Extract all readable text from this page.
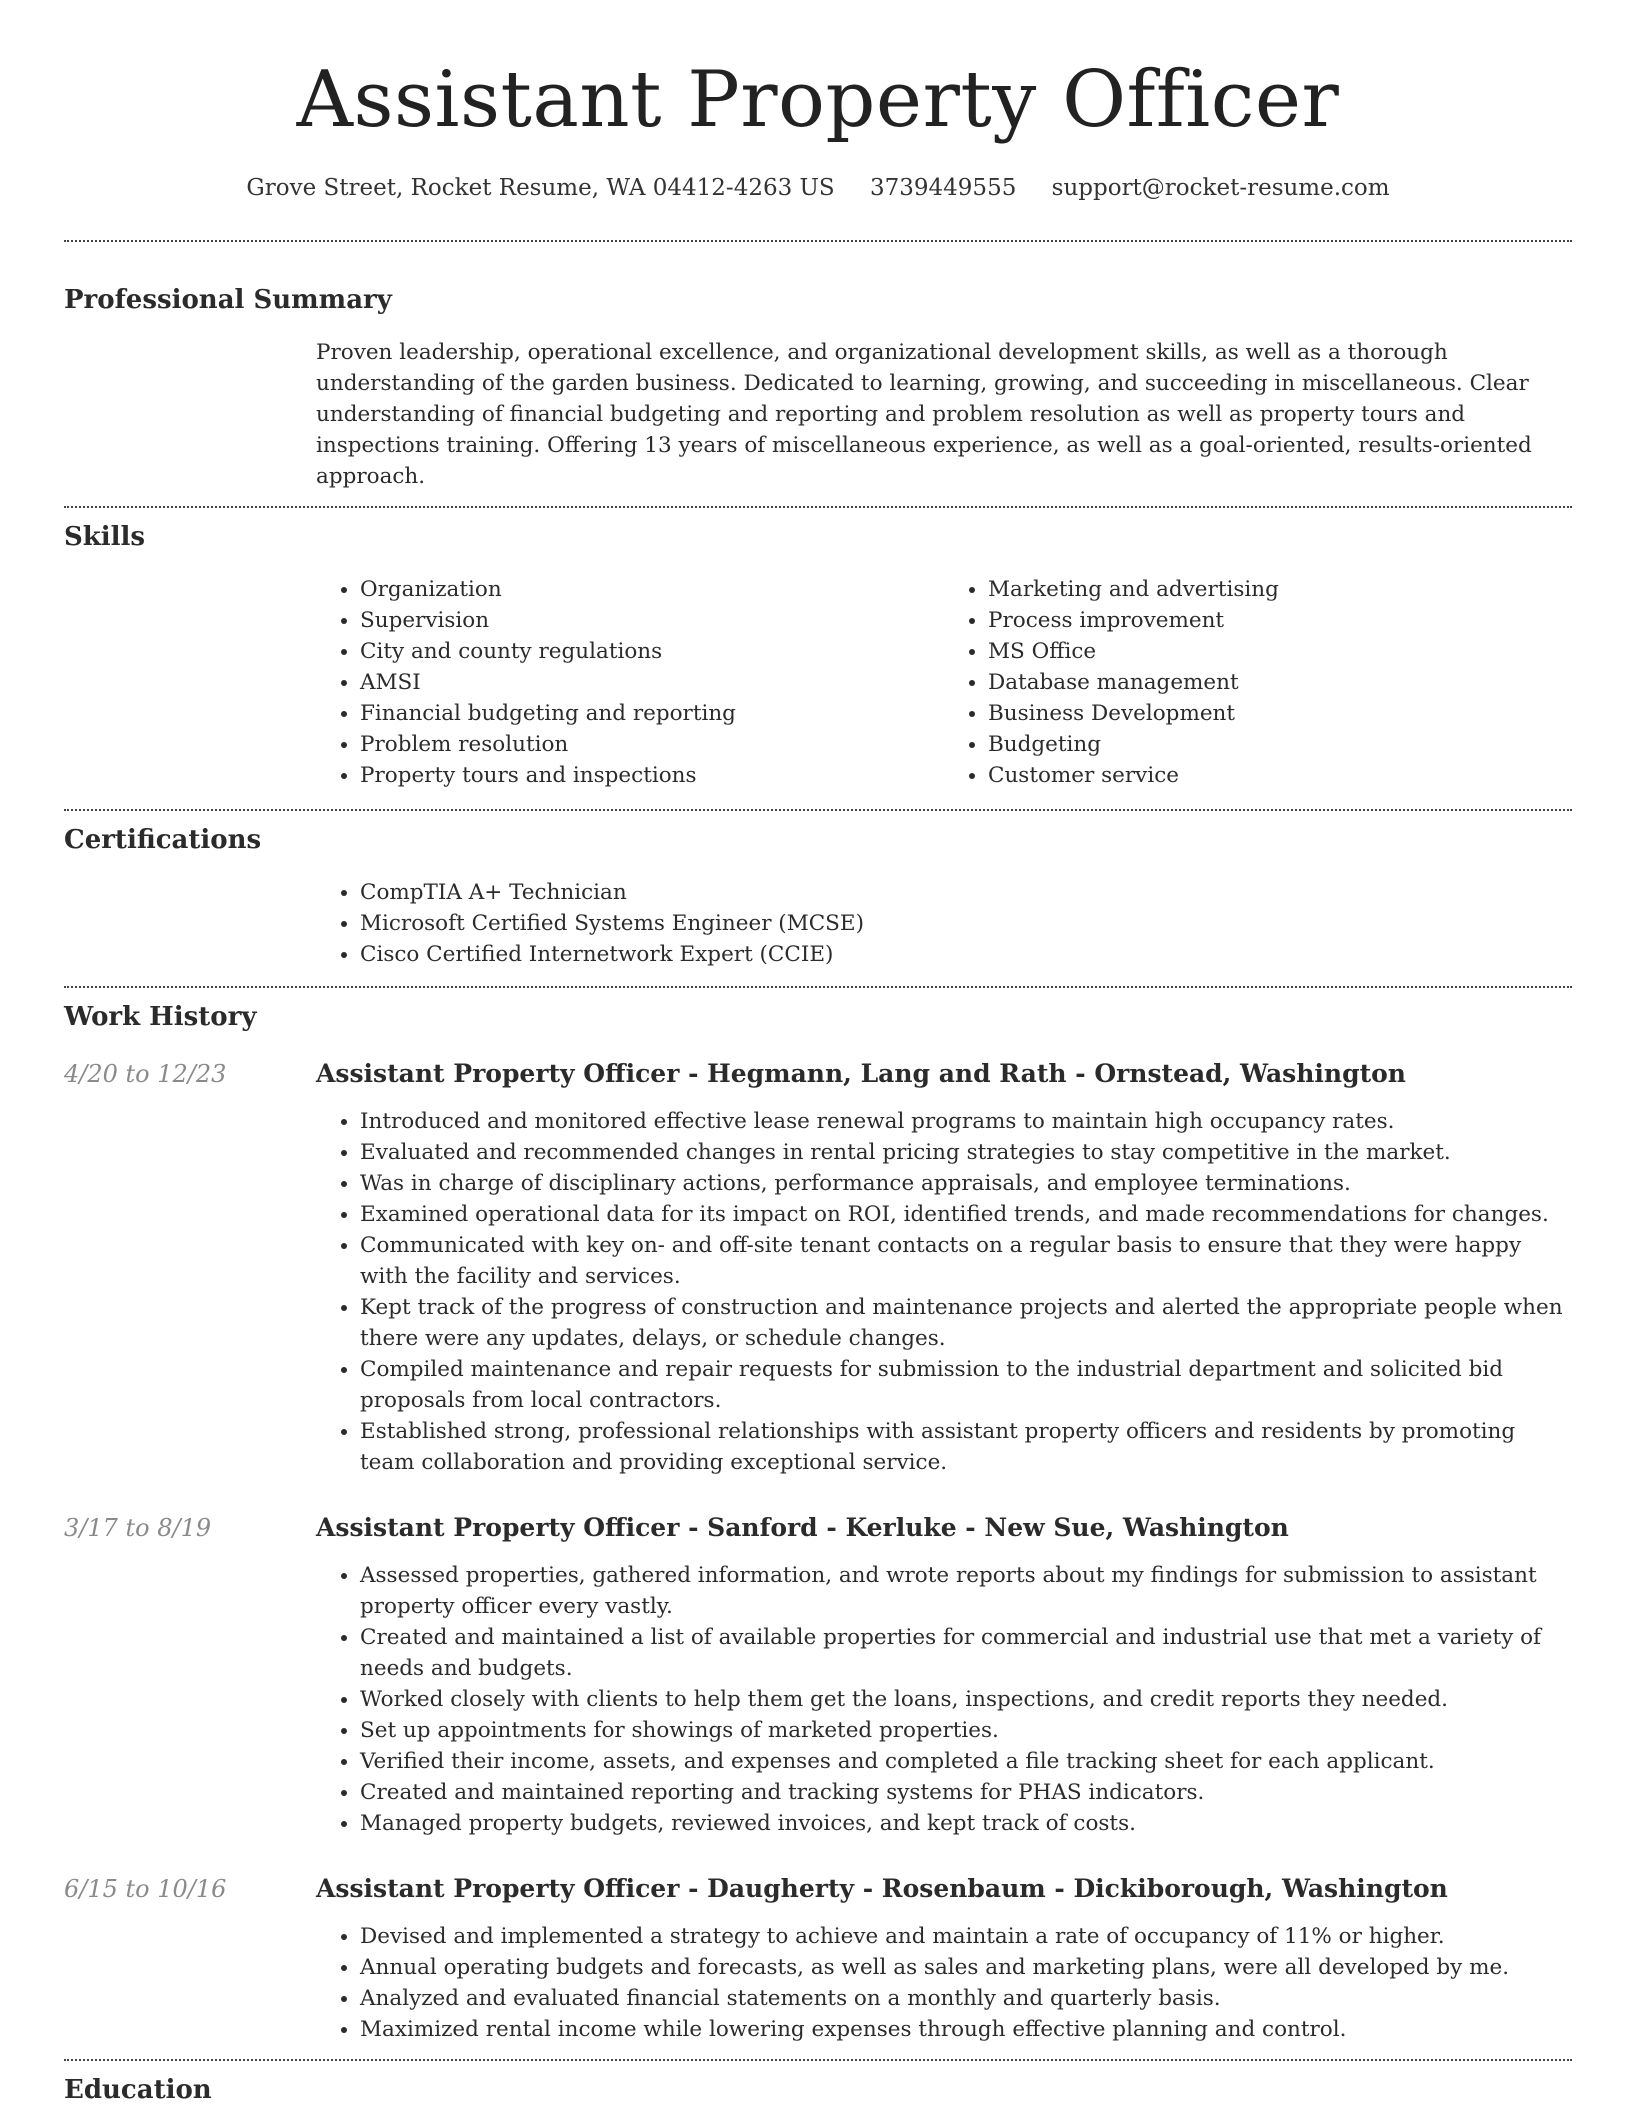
Assistant Property Officer
Grove Street, Rocket Resume, WA 04412-4263 US 3739449555 support@rocket-resume.com
Professional Summary

Proven leadership, operational excellence, and organizational development skills, as well as a thorough understanding of the garden business. Dedicated to learning, growing, and succeeding in miscellaneous. Clear understanding of financial budgeting and reporting and problem resolution as well as property tours and inspections training. Offering 13 years of miscellaneous experience, as well as a goal-oriented, results-oriented approach.

Skills
• Organization
• Supervision
• City and county regulations
• AMSI
• Financial budgeting and reporting
• Problem resolution
• Property tours and inspections
• Marketing and advertising
• Process improvement
• MS Office
• Database management
• Business Development
• Budgeting
• Customer service
Certifications
• CompTIA A+ Technician
• Microsoft Certified Systems Engineer (MCSE)
• Cisco Certified Internetwork Expert (CCIE)
Work History
4/20 to 12/23	Assistant Property Officer - Hegmann, Lang and Rath - Ornstead, Washington
• Introduced and monitored effective lease renewal programs to maintain high occupancy rates.
• Evaluated and recommended changes in rental pricing strategies to stay competitive in the market.
• Was in charge of disciplinary actions, performance appraisals, and employee terminations.
• Examined operational data for its impact on ROI, identified trends, and made recommendations for changes.
• Communicated with key on- and off-site tenant contacts on a regular basis to ensure that they were happy with the facility and services.
• Kept track of the progress of construction and maintenance projects and alerted the appropriate people when there were any updates, delays, or schedule changes.
• Compiled maintenance and repair requests for submission to the industrial department and solicited bid proposals from local contractors.
• Established strong, professional relationships with assistant property officers and residents by promoting team collaboration and providing exceptional service.
3/17 to 8/19	Assistant Property Officer - Sanford - Kerluke - New Sue, Washington
• Assessed properties, gathered information, and wrote reports about my findings for submission to assistant property officer every vastly.
• Created and maintained a list of available properties for commercial and industrial use that met a variety of needs and budgets.
• Worked closely with clients to help them get the loans, inspections, and credit reports they needed.
• Set up appointments for showings of marketed properties.
• Verified their income, assets, and expenses and completed a file tracking sheet for each applicant.
• Created and maintained reporting and tracking systems for PHAS indicators.
• Managed property budgets, reviewed invoices, and kept track of costs.
6/15 to 10/16	Assistant Property Officer - Daugherty - Rosenbaum - Dickiborough, Washington
• Devised and implemented a strategy to achieve and maintain a rate of occupancy of 11% or higher.
• Annual operating budgets and forecasts, as well as sales and marketing plans, were all developed by me.
• Analyzed and evaluated financial statements on a monthly and quarterly basis.
• Maximized rental income while lowering expenses through effective planning and control.
Education
